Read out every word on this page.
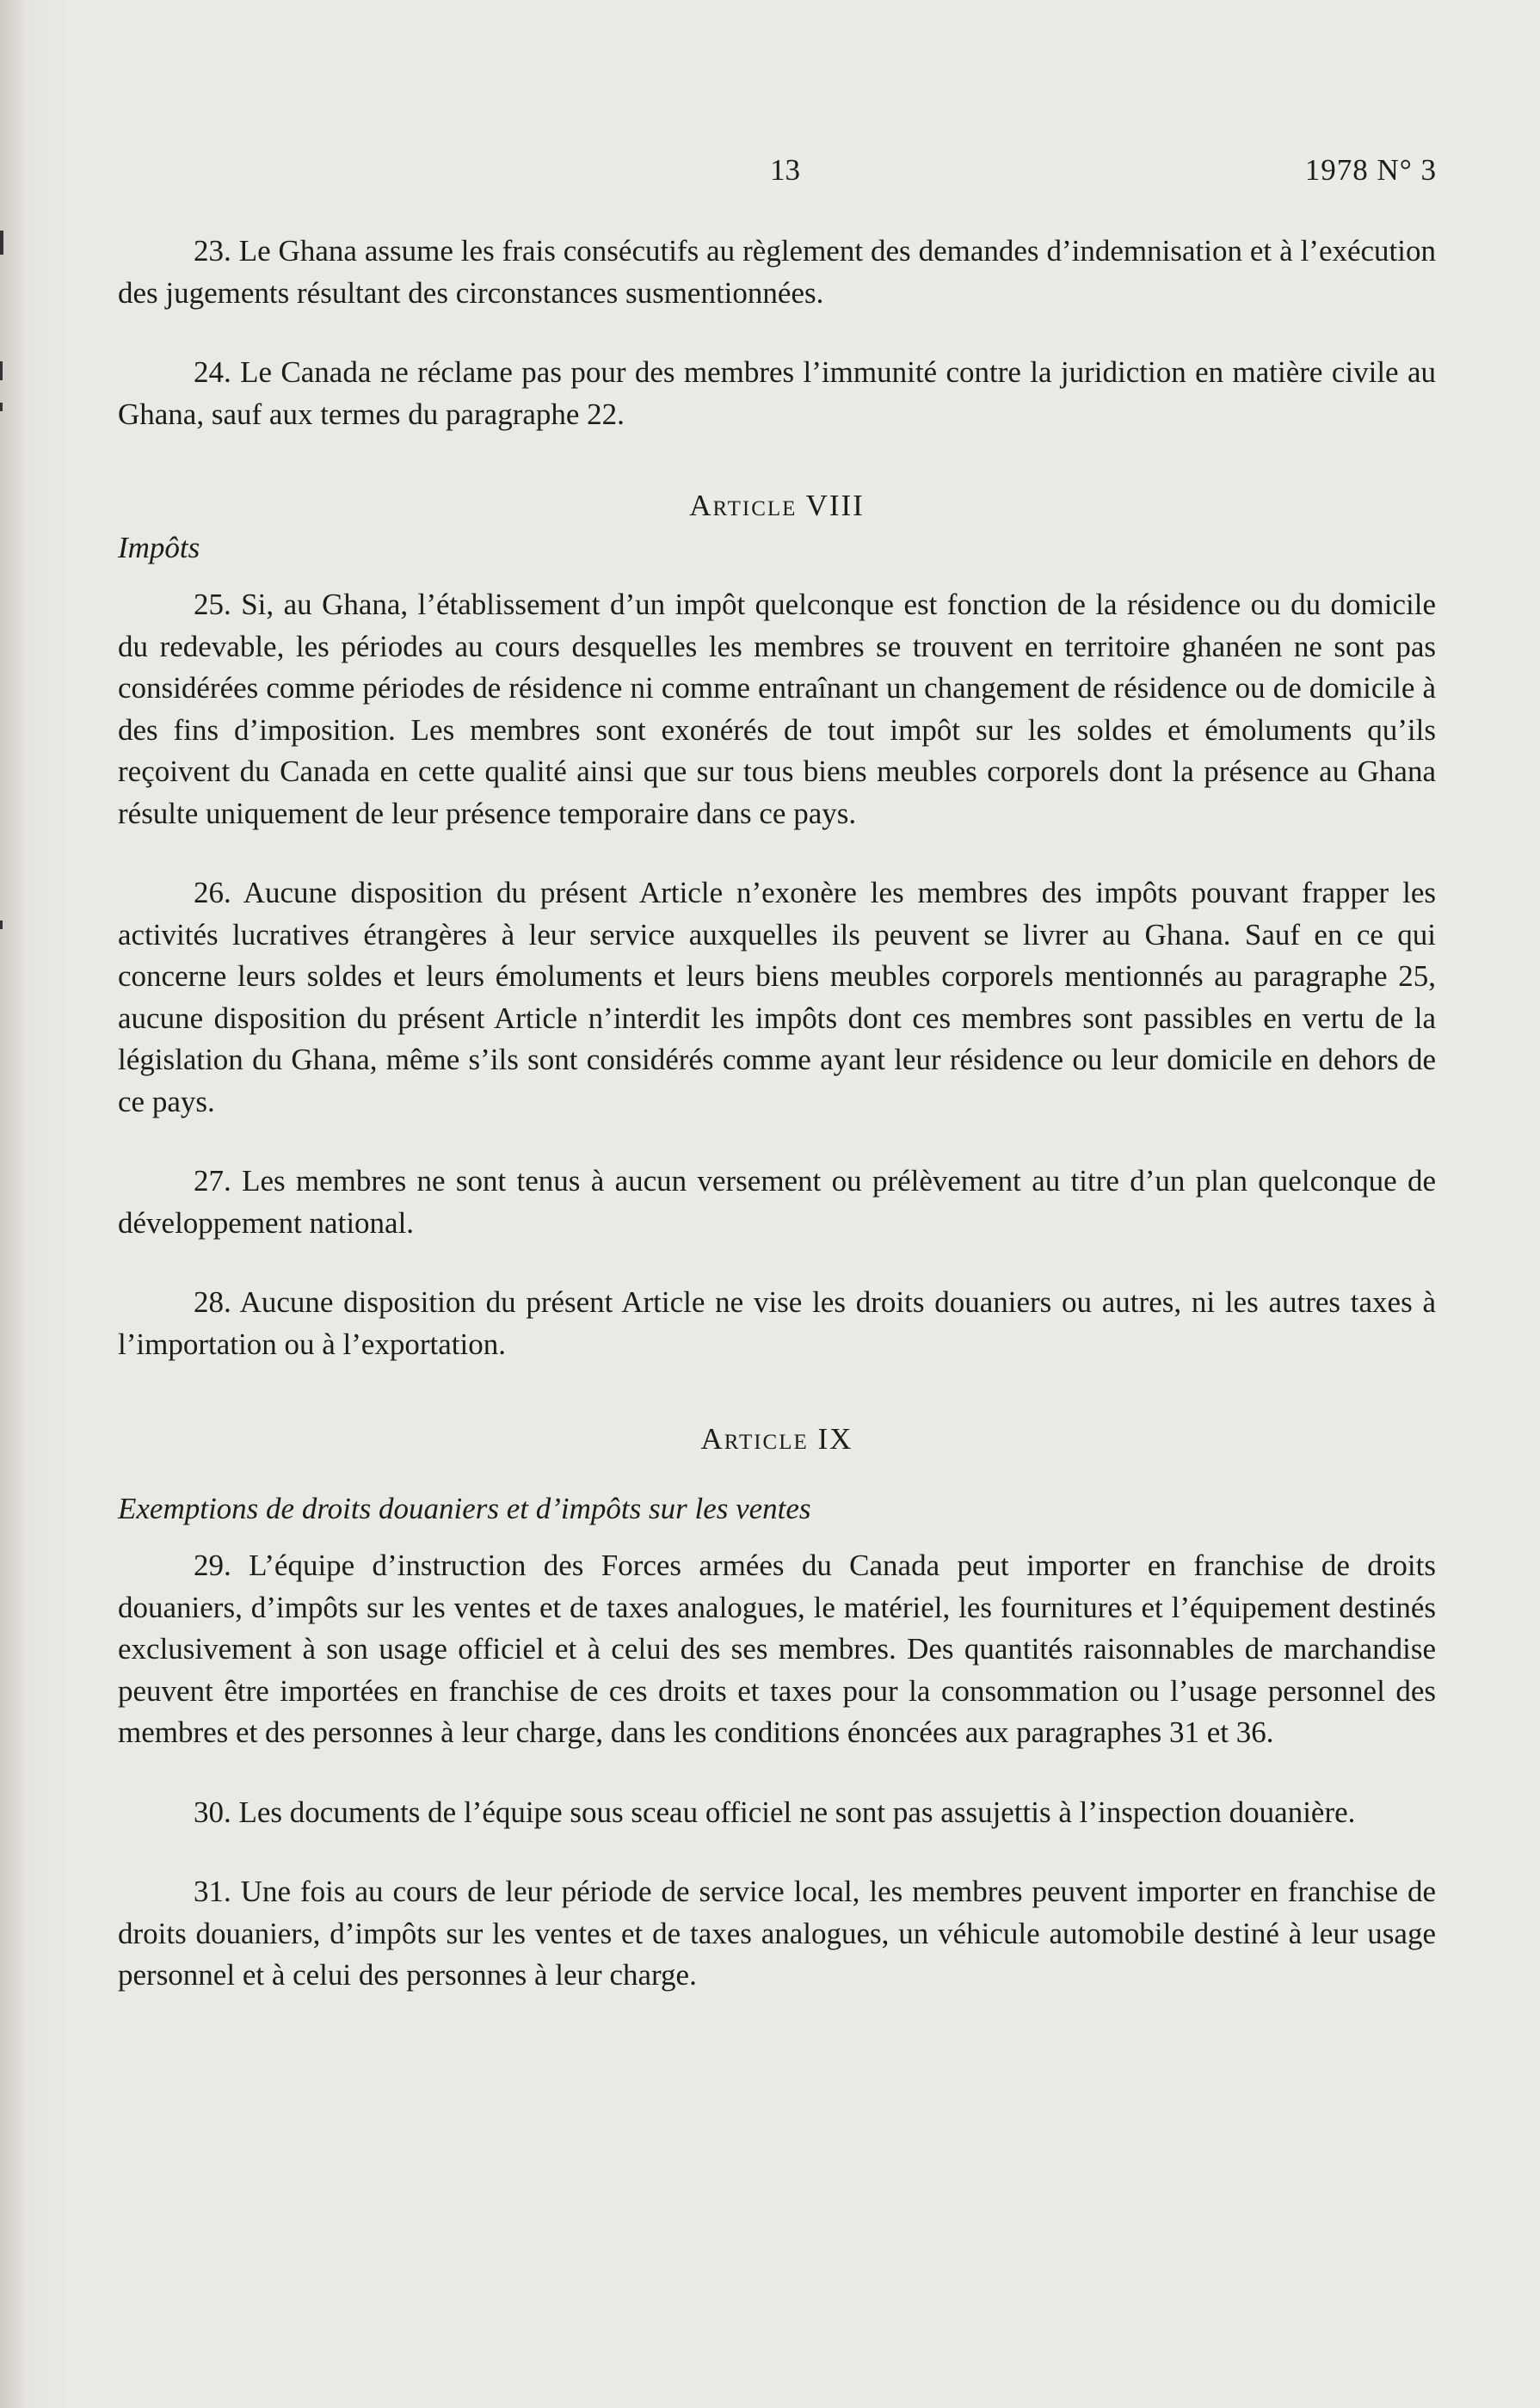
13	1978 N° 3

23. Le Ghana assume les frais consécutifs au règlement des demandes d’indemnisation et à l’exécution des jugements résultant des circonstances susmentionnées.

24. Le Canada ne réclame pas pour des membres l’immunité contre la juridiction en matière civile au Ghana, sauf aux termes du paragraphe 22.

Article VIII
Impôts

25. Si, au Ghana, l’établissement d’un impôt quelconque est fonction de la résidence ou du domicile du redevable, les périodes au cours desquelles les membres se trouvent en territoire ghanéen ne sont pas considérées comme périodes de résidence ni comme entraînant un changement de résidence ou de domicile à des fins d’imposition. Les membres sont exonérés de tout impôt sur les soldes et émoluments qu’ils reçoivent du Canada en cette qualité ainsi que sur tous biens meubles corporels dont la présence au Ghana résulte uniquement de leur présence temporaire dans ce pays.

26. Aucune disposition du présent Article n’exonère les membres des impôts pouvant frapper les activités lucratives étrangères à leur service auxquelles ils peuvent se livrer au Ghana. Sauf en ce qui concerne leurs soldes et leurs émoluments et leurs biens meubles corporels mentionnés au paragraphe 25, aucune disposition du présent Article n’interdit les impôts dont ces membres sont passibles en vertu de la législation du Ghana, même s’ils sont considérés comme ayant leur résidence ou leur domicile en dehors de ce pays.

27. Les membres ne sont tenus à aucun versement ou prélèvement au titre d’un plan quelconque de développement national.

28. Aucune disposition du présent Article ne vise les droits douaniers ou autres, ni les autres taxes à l’importation ou à l’exportation.

Article IX
Exemptions de droits douaniers et d’impôts sur les ventes

29. L’équipe d’instruction des Forces armées du Canada peut importer en franchise de droits douaniers, d’impôts sur les ventes et de taxes analogues, le matériel, les fournitures et l’équipement destinés exclusivement à son usage officiel et à celui des ses membres. Des quantités raisonnables de marchandise peuvent être importées en franchise de ces droits et taxes pour la consommation ou l’usage personnel des membres et des personnes à leur charge, dans les conditions énoncées aux paragraphes 31 et 36.

30. Les documents de l’équipe sous sceau officiel ne sont pas assujettis à l’inspection douanière.

31. Une fois au cours de leur période de service local, les membres peuvent importer en franchise de droits douaniers, d’impôts sur les ventes et de taxes analogues, un véhicule automobile destiné à leur usage personnel et à celui des personnes à leur charge.
